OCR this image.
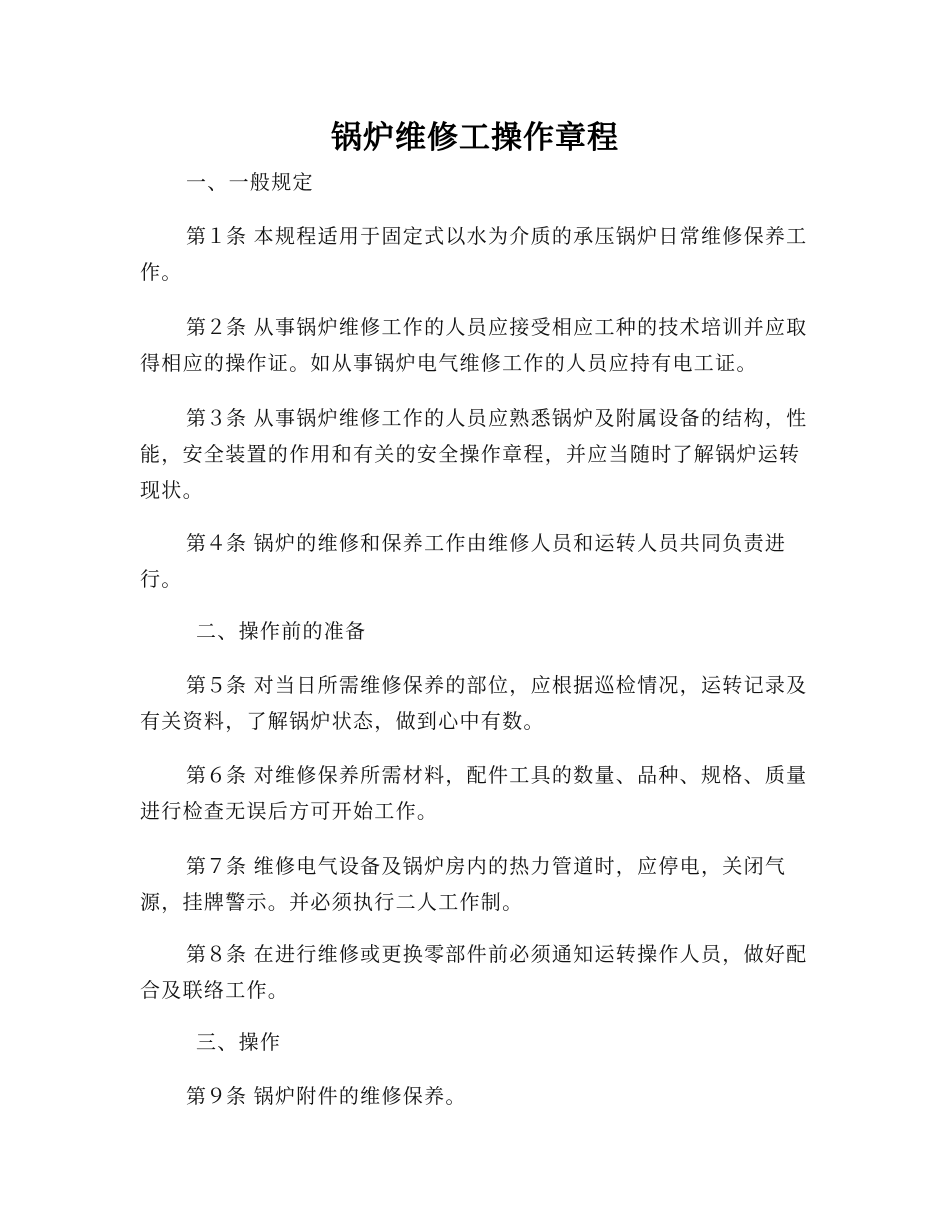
锅炉维修工操作章程
一、一般规定
第１条 本规程适用于固定式以水为介质的承压锅炉日常维修保养工作。
第２条 从事锅炉维修工作的人员应接受相应工种的技术培训并应取得相应的操作证。如从事锅炉电气维修工作的人员应持有电工证。
第３条 从事锅炉维修工作的人员应熟悉锅炉及附属设备的结构，性能，安全装置的作用和有关的安全操作章程，并应当随时了解锅炉运转现状。
第４条 锅炉的维修和保养工作由维修人员和运转人员共同负责进行。
二、操作前的准备
第５条 对当日所需维修保养的部位，应根据巡检情况，运转记录及有关资料，了解锅炉状态，做到心中有数。
第６条 对维修保养所需材料，配件工具的数量、品种、规格、质量进行检查无误后方可开始工作。
第７条 维修电气设备及锅炉房内的热力管道时，应停电，关闭气源，挂牌警示。并必须执行二人工作制。
第８条 在进行维修或更换零部件前必须通知运转操作人员，做好配合及联络工作。
三、操作
第９条 锅炉附件的维修保养。
